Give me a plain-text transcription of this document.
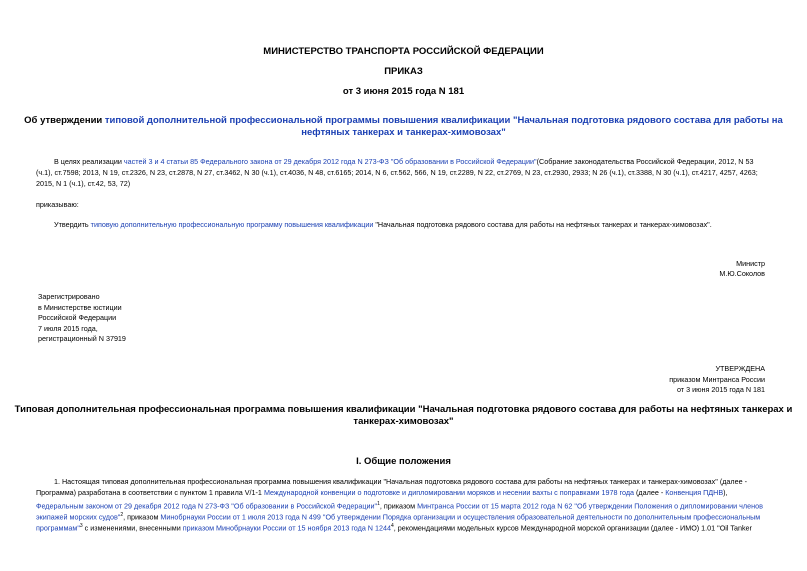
МИНИСТЕРСТВО ТРАНСПОРТА РОССИЙСКОЙ ФЕДЕРАЦИИ
ПРИКАЗ
от 3 июня 2015 года N 181
Об утверждении типовой дополнительной профессиональной программы повышения квалификации "Начальная подготовка рядового состава для работы на
нефтяных танкерах и танкерах-химовозах"
В целях реализации частей 3 и 4 статьи 85 Федерального закона от 29 декабря 2012 года N 273-ФЗ "Об образовании в Российской Федерации"(Собрание законодательства Российской Федерации, 2012, N 53
(ч.1), ст.7598; 2013, N 19, ст.2326, N 23, ст.2878, N 27, ст.3462, N 30 (ч.1), ст.4036, N 48, ст.6165; 2014, N 6, ст.562, 566, N 19, ст.2289, N 22, ст.2769, N 23, ст.2930, 2933; N 26 (ч.1), ст.3388, N 30 (ч.1), ст.4217, 4257, 4263;
2015, N 1 (ч.1), ст.42, 53, 72)
приказываю:
Утвердить типовую дополнительную профессиональную программу повышения квалификации "Начальная подготовка рядового состава для работы на нефтяных танкерах и танкерах-химовозах".
Министр
М.Ю.Соколов
Зарегистрировано
в Министерстве юстиции
Российской Федерации
7 июля 2015 года,
регистрационный N 37919
УТВЕРЖДЕНА
приказом Минтранса России
от 3 июня 2015 года N 181
Типовая дополнительная профессиональная программа повышения квалификации "Начальная подготовка рядового состава для работы на нефтяных танкерах и
танкерах-химовозах"
I. Общие положения
1. Настоящая типовая дополнительная профессиональная программа повышения квалификации "Начальная подготовка рядового состава для работы на нефтяных танкерах и танкерах-химовозах" (далее -
Программа) разработана в соответствии с пунктом 1 правила V/1-1 Международной конвенции о подготовке и дипломировании моряков и несении вахты с поправками 1978 года (далее - Конвенция ПДНВ),
Федеральным законом от 29 декабря 2012 года N 273-ФЗ "Об образовании в Российской Федерации"$^1$, приказом Минтранса России от 15 марта 2012 года N 62 "Об утверждении Положения о дипломировании членов
экипажей морских судов"$^2$, приказом Минобрнауки России от 1 июля 2013 года N 499 "Об утверждении Порядка организации и осуществления образовательной деятельности по дополнительным профессиональным
программам"$^3$ с изменениями, внесенными приказом Минобрнауки России от 15 ноября 2013 года N 1244$^4$, рекомендациями модельных курсов Международной морской организации (далее - ИМО) 1.01 "Oil Tanker
